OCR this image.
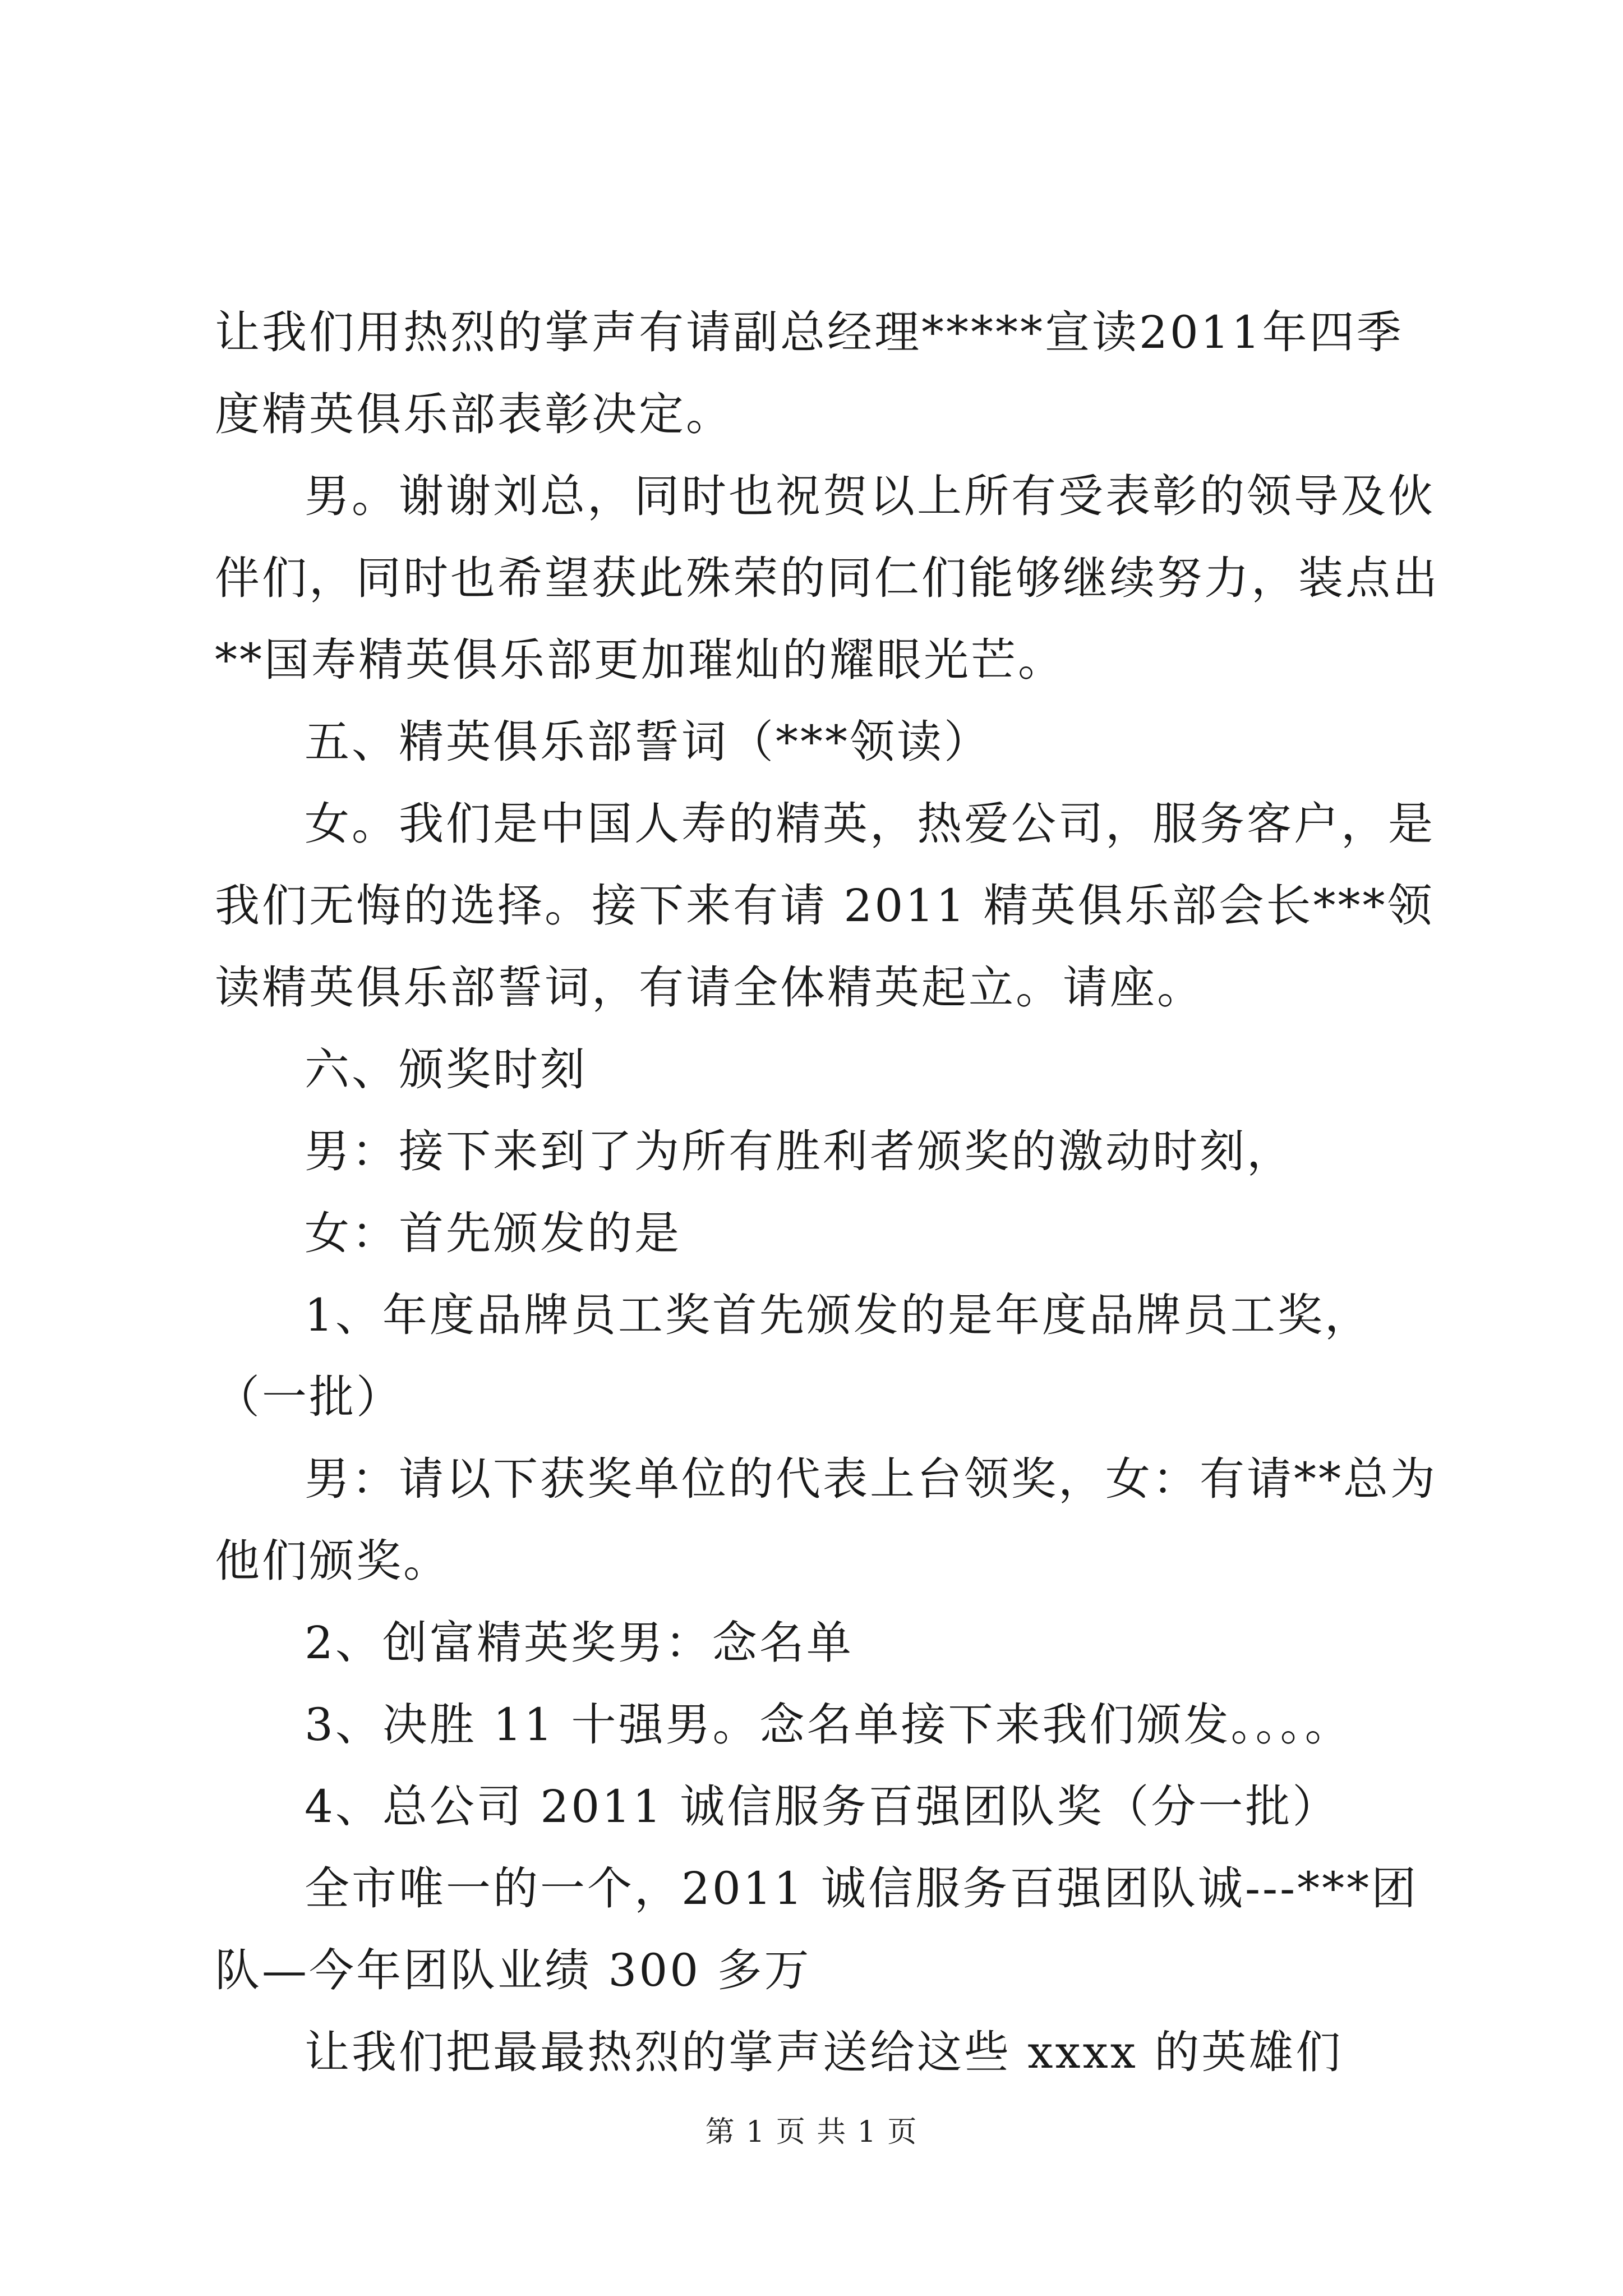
让我们用热烈的掌声有请副总经理*****宣读2011年四季度精英俱乐部表彰决定。

男。谢谢刘总，同时也祝贺以上所有受表彰的领导及伙伴们，同时也希望获此殊荣的同仁们能够继续努力，装点出**国寿精英俱乐部更加璀灿的耀眼光芒。

五、精英俱乐部誓词（***领读）

女。我们是中国人寿的精英，热爱公司，服务客户，是我们无悔的选择。接下来有请 2011 精英俱乐部会长***领读精英俱乐部誓词，有请全体精英起立。请座。

六、颁奖时刻

男：接下来到了为所有胜利者颁奖的激动时刻，

女：首先颁发的是

1、年度品牌员工奖首先颁发的是年度品牌员工奖，（一批）

男：请以下获奖单位的代表上台领奖，女：有请**总为他们颁奖。

2、创富精英奖男：念名单

3、决胜 11 十强男。念名单接下来我们颁发。。。。

4、总公司 2011 诚信服务百强团队奖（分一批）

全市唯一的一个，2011 诚信服务百强团队诚---***团队—今年团队业绩 300 多万

让我们把最最热烈的掌声送给这些 xxxx 的英雄们

第 1 页 共 1 页
